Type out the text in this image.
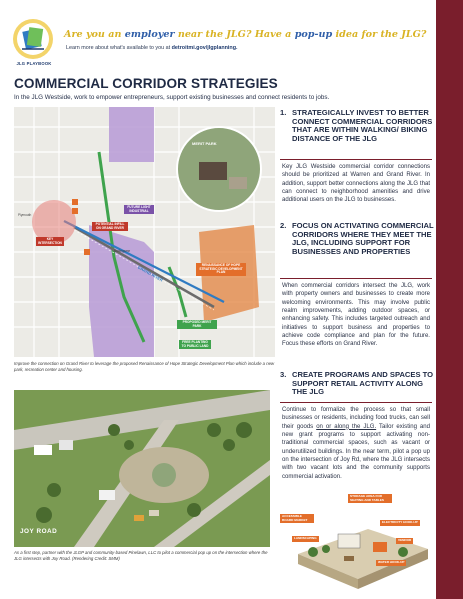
JLG PLAYBOOK
Are you an employer near the JLG? Have a pop-up idea for the JLG?
Learn more about what's available to you at detroitmi.gov/jlgplanning.
COMMERCIAL CORRIDOR STRATEGIES
In the JLG Westside, work to empower entrepreneurs, support existing businesses and connect residents to jobs.
MERIT PARK
FUTURE LIGHT INDUSTRIAL
POTENTIAL INFILL ON GRAND RIVER
KEY INTERSECTION
RENAISSANCE OF HOPE STRATEGIC DEVELOPMENT PLAN
PROPOSED MERIT PARK
FREE PLANTING TO PUBLIC LAND
GRAND RIVER
Plymouth
Burlingame
Improve the connection on Grand River to leverage the proposed Renaissance of Hope Strategic Development Plan which include a new park, recreation center and housing.
JOY ROAD
As a first step, partner with the JLGP and community-based Pinelawn, LLC to pilot a commercial pop up on the intersection where the JLG intersects with Joy Road. (Rendering Credit: SMM)
1. STRATEGICALLY INVEST TO BETTER CONNECT COMMERCIAL CORRIDORS THAT ARE WITHIN WALKING/ BIKING DISTANCE OF THE JLG
Key JLG Westside commercial corridor connections should be prioritized at Warren and Grand River. In addition, support better connections along the JLG that can connect to neighborhood amenities and drive additional users on the JLG to businesses.
2. FOCUS ON ACTIVATING COMMERCIAL CORRIDORS WHERE THEY MEET THE JLG, INCLUDING SUPPORT FOR BUSINESSES AND PROPERTIES
When commercial corridors intersect the JLG, work with property owners and businesses to create more welcoming environments. This may involve public realm improvements, adding outdoor spaces, or enhancing safety. This includes targeted outreach and initiatives to support business and properties to achieve code compliance and plan for the future. Focus these efforts on Grand River.
3. CREATE PROGRAMS AND SPACES TO SUPPORT RETAIL ACTIVITY ALONG THE JLG
Continue to formalize the process so that small businesses or residents, including food trucks, can sell their goods on or along the JLG. Tailor existing and new grant programs to support activating non-traditional commercial spaces, such as vacant or underutilized buildings. In the near term, pilot a pop up on the intersection of Joy Rd, where the JLG intersects with two vacant lots and the community supports commercial activation.
STORAGE AREA FOR SEATING AND TABLES
ACCESSIBLE BOARD MARKET
ELECTRICITY HOOK-UP
LANDSCAPING	VENDOR
WATER HOOK-UP
